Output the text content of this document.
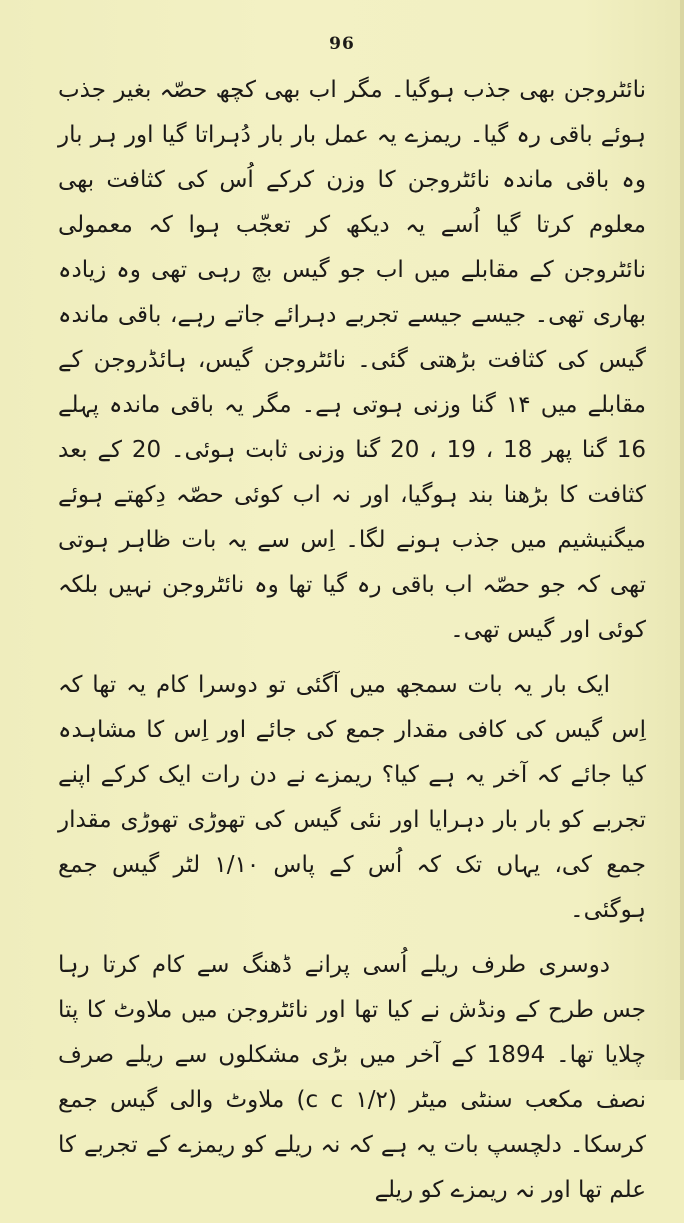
96

نائٹروجن بھی جذب ہوگیا۔ مگر اب بھی کچھ حصّہ بغیر جذب ہوئے باقی رہ گیا۔ ریمزے یہ عمل بار بار دُہراتا گیا اور ہر بار وہ باقی ماندہ نائٹروجن کا وزن کرکے اُس کی کثافت بھی معلوم کرتا گیا اُسے یہ دیکھ کر تعجّب ہوا کہ معمولی نائٹروجن کے مقابلے میں اب جو گیس بچ رہی تھی وہ زیادہ بھاری تھی۔ جیسے جیسے تجربے دہرائے جاتے رہے، باقی ماندہ گیس کی کثافت بڑھتی گئی۔ نائٹروجن گیس، ہائڈروجن کے مقابلے میں ۱۴ گنا وزنی ہوتی ہے۔ مگر یہ باقی ماندہ پہلے 16 گنا پھر 18 ، 19 ، 20 گنا وزنی ثابت ہوئی۔ 20 کے بعد کثافت کا بڑھنا بند ہوگیا، اور نہ اب کوئی حصّہ دِکھتے ہوئے میگنیشیم میں جذب ہونے لگا۔ اِس سے یہ بات ظاہر ہوتی تھی کہ جو حصّہ اب باقی رہ گیا تھا وہ نائٹروجن نہیں بلکہ کوئی اور گیس تھی۔

ایک بار یہ بات سمجھ میں آگئی تو دوسرا کام یہ تھا کہ اِس گیس کی کافی مقدار جمع کی جائے اور اِس کا مشاہدہ کیا جائے کہ آخر یہ ہے کیا؟ ریمزے نے دن رات ایک کرکے اپنے تجربے کو بار بار دہرایا اور نئی گیس کی تھوڑی تھوڑی مقدار جمع کی، یہاں تک کہ اُس کے پاس ۱/۱۰ لٹر گیس جمع ہوگئی۔

دوسری طرف ریلے اُسی پرانے ڈھنگ سے کام کرتا رہا جس طرح کے ونڈش نے کیا تھا اور نائٹروجن میں ملاوٹ کا پتا چلایا تھا۔ 1894 کے آخر میں بڑی مشکلوں سے ریلے صرف نصف مکعب سنٹی میٹر (۱/۲ c c) ملاوٹ والی گیس جمع کرسکا۔ دلچسپ بات یہ ہے کہ نہ ریلے کو ریمزے کے تجربے کا علم تھا اور نہ ریمزے کو ریلے
